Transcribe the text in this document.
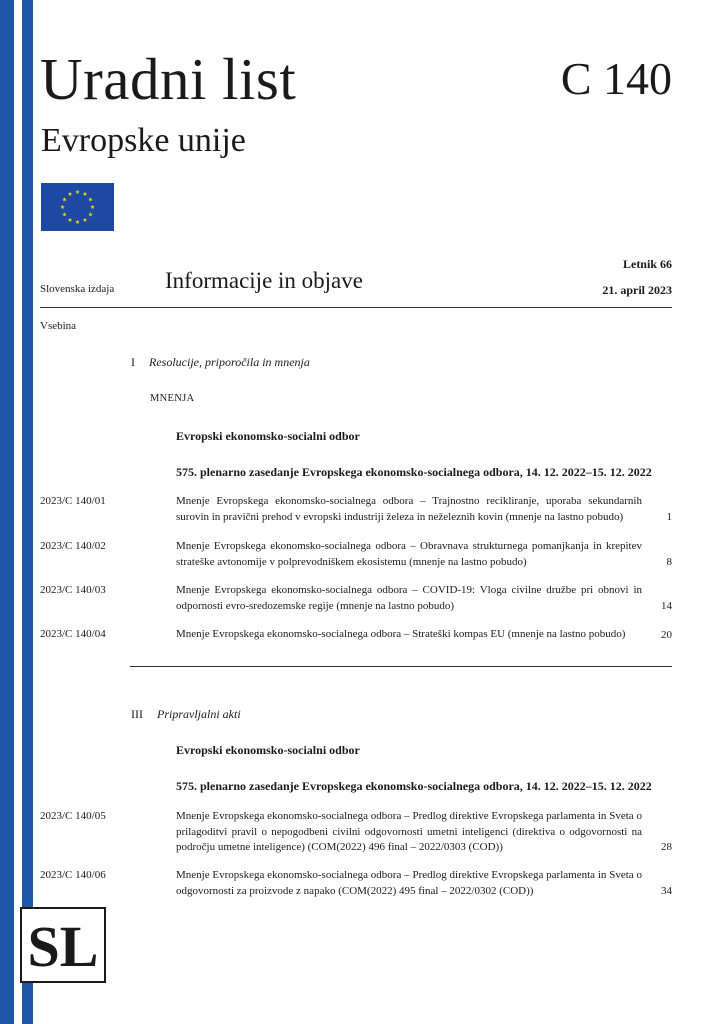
Uradni list
Evropske unije
C 140
Slovenska izdaja Informacije in objave
Letnik 66
21. april 2023
Vsebina
I Resolucije, priporočila in mnenja
MNENJA
Evropski ekonomsko-socialni odbor
575. plenarno zasedanje Evropskega ekonomsko-socialnega odbora, 14. 12. 2022–15. 12. 2022
2023/C 140/01	Mnenje Evropskega ekonomsko-socialnega odbora – Trajnostno recikliranje, uporaba sekundarnih surovin in pravični prehod v evropski industriji železa in neželeznih kovin (mnenje na lastno pobudo)	1
2023/C 140/02	Mnenje Evropskega ekonomsko-socialnega odbora – Obravnava strukturnega pomanjkanja in krepitev strateške avtonomije v polprevodniškem ekosistemu (mnenje na lastno pobudo)	8
2023/C 140/03	Mnenje Evropskega ekonomsko-socialnega odbora – COVID-19: Vloga civilne družbe pri obnovi in odpornosti evro-sredozemske regije (mnenje na lastno pobudo)	14
2023/C 140/04	Mnenje Evropskega ekonomsko-socialnega odbora – Strateški kompas EU (mnenje na lastno pobudo)	20
III Pripravljalni akti
Evropski ekonomsko-socialni odbor
575. plenarno zasedanje Evropskega ekonomsko-socialnega odbora, 14. 12. 2022–15. 12. 2022
2023/C 140/05	Mnenje Evropskega ekonomsko-socialnega odbora – Predlog direktive Evropskega parlamenta in Sveta o prilagoditvi pravil o nepogodbeni civilni odgovornosti umetni inteligenci (direktiva o odgovornosti na področju umetne inteligence) (COM(2022) 496 final – 2022/0303 (COD))	28
2023/C 140/06	Mnenje Evropskega ekonomsko-socialnega odbora – Predlog direktive Evropskega parlamenta in Sveta o odgovornosti za proizvode z napako (COM(2022) 495 final – 2022/0302 (COD))	34
SL
